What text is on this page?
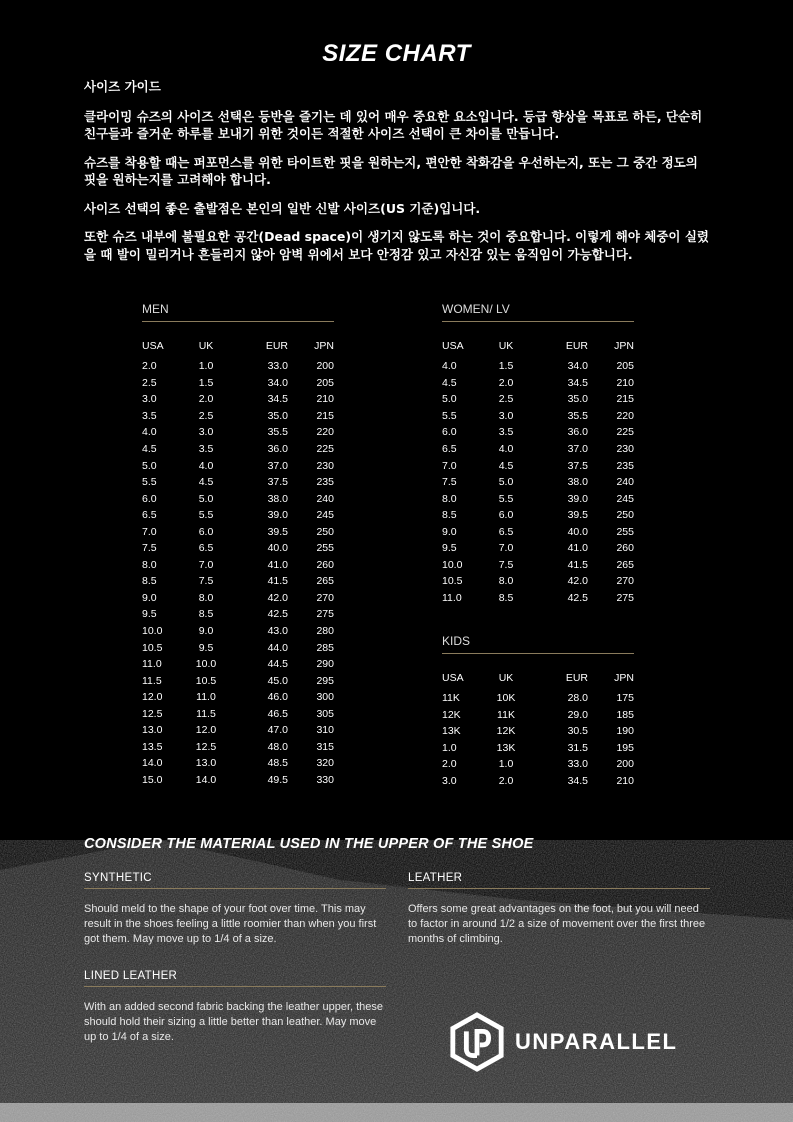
SIZE CHART
사이즈 가이드

클라이밍 슈즈의 사이즈 선택은 등반을 즐기는 데 있어 매우 중요한 요소입니다. 등급 향상을 목표로 하든, 단순히 친구들과 즐거운 하루를 보내기 위한 것이든 적절한 사이즈 선택이 큰 차이를 만듭니다.

슈즈를 착용할 때는 퍼포먼스를 위한 타이트한 핏을 원하는지, 편안한 착화감을 우선하는지, 또는 그 중간 정도의 핏을 원하는지를 고려해야 합니다.

사이즈 선택의 좋은 출발점은 본인의 일반 신발 사이즈(US 기준)입니다.

또한 슈즈 내부에 불필요한 공간(Dead space)이 생기지 않도록 하는 것이 중요합니다. 이렇게 해야 체중이 실렸을 때 발이 밀리거나 흔들리지 않아 암벽 위에서 보다 안정감 있고 자신감 있는 움직임이 가능합니다.

MEN
USA	UK	EUR	JPN
2.0	1.0	33.0	200
2.5	1.5	34.0	205
3.0	2.0	34.5	210
3.5	2.5	35.0	215
4.0	3.0	35.5	220
4.5	3.5	36.0	225
5.0	4.0	37.0	230
5.5	4.5	37.5	235
6.0	5.0	38.0	240
6.5	5.5	39.0	245
7.0	6.0	39.5	250
7.5	6.5	40.0	255
8.0	7.0	41.0	260
8.5	7.5	41.5	265
9.0	8.0	42.0	270
9.5	8.5	42.5	275
10.0	9.0	43.0	280
10.5	9.5	44.0	285
11.0	10.0	44.5	290
11.5	10.5	45.0	295
12.0	11.0	46.0	300
12.5	11.5	46.5	305
13.0	12.0	47.0	310
13.5	12.5	48.0	315
14.0	13.0	48.5	320
15.0	14.0	49.5	330
WOMEN/ LV
USA	UK	EUR	JPN
4.0	1.5	34.0	205
4.5	2.0	34.5	210
5.0	2.5	35.0	215
5.5	3.0	35.5	220
6.0	3.5	36.0	225
6.5	4.0	37.0	230
7.0	4.5	37.5	235
7.5	5.0	38.0	240
8.0	5.5	39.0	245
8.5	6.0	39.5	250
9.0	6.5	40.0	255
9.5	7.0	41.0	260
10.0	7.5	41.5	265
10.5	8.0	42.0	270
11.0	8.5	42.5	275
KIDS
USA	UK	EUR	JPN
11K	10K	28.0	175
12K	11K	29.0	185
13K	12K	30.5	190
1.0	13K	31.5	195
2.0	1.0	33.0	200
3.0	2.0	34.5	210
CONSIDER THE MATERIAL USED IN THE UPPER OF THE SHOE
SYNTHETIC
Should meld to the shape of your foot over time. This may result in the shoes feeling a little roomier than when you first got them. May move up to 1/4 of a size.
LEATHER
Offers some great advantages on the foot, but you will need to factor in around 1/2 a size of movement over the first three months of climbing.
LINED LEATHER
With an added second fabric backing the leather upper, these should hold their sizing a little better than leather. May move up to 1/4 of a size.	UNPARALLEL
